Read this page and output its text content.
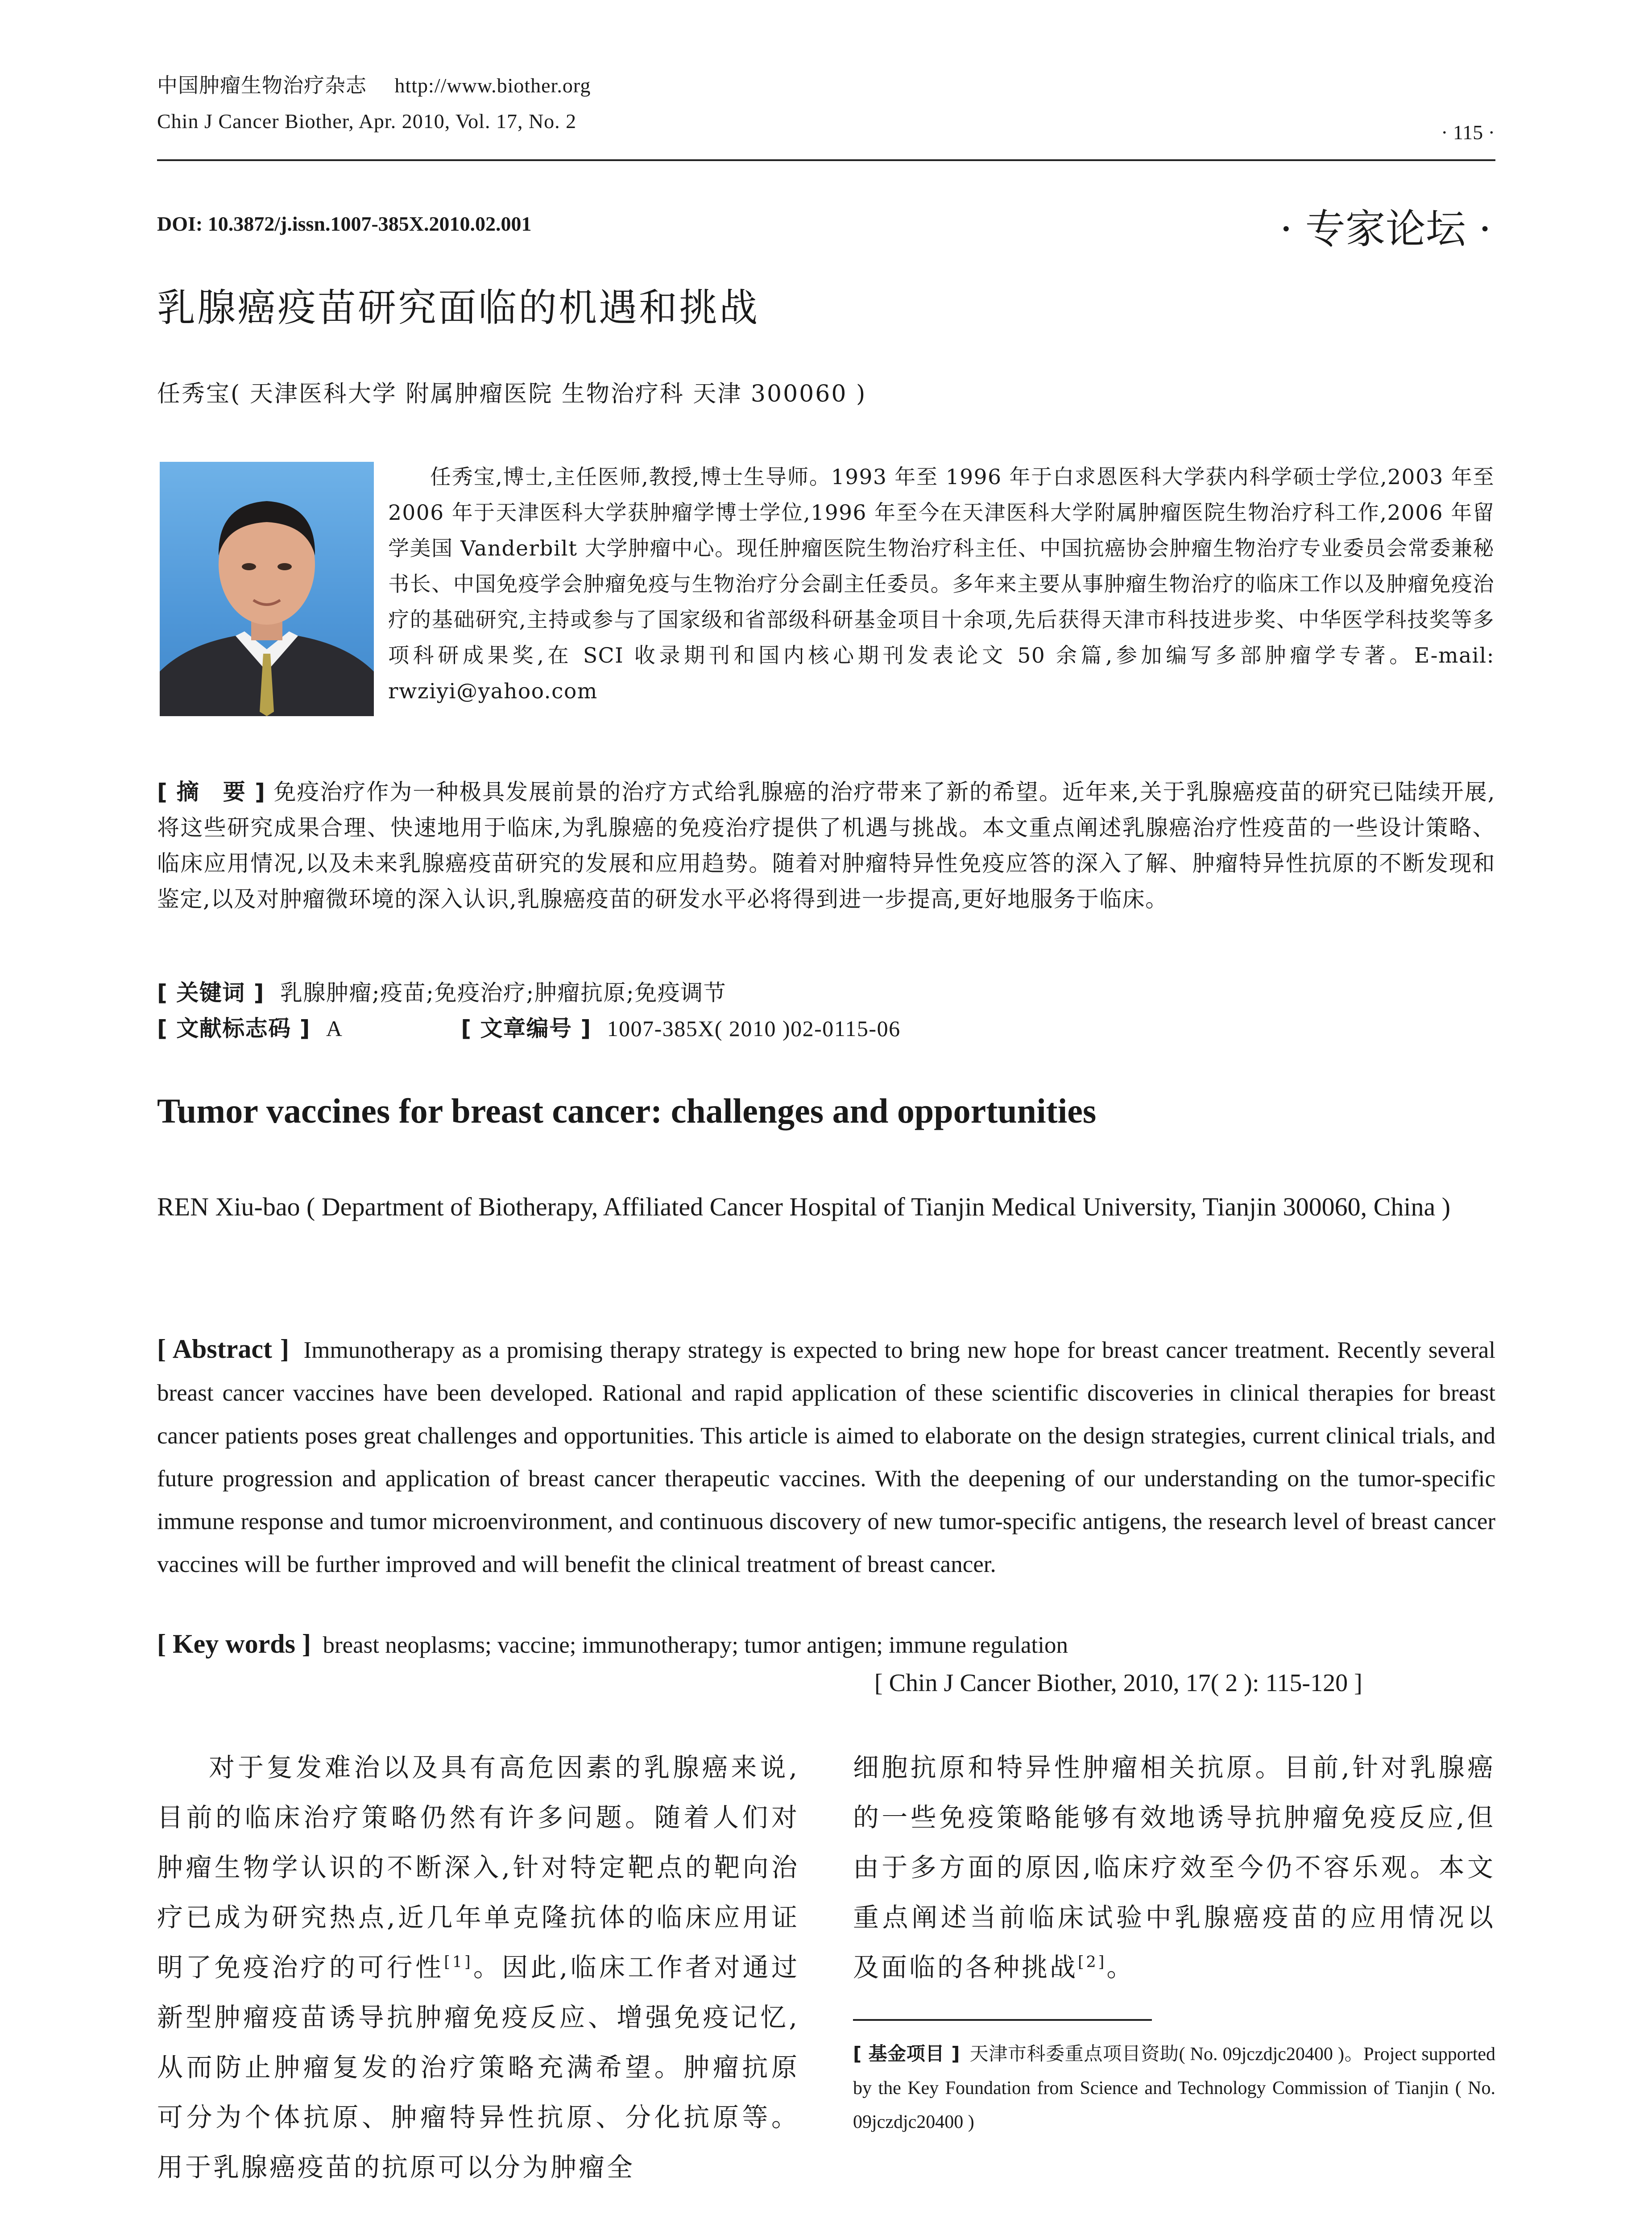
中国肿瘤生物治疗杂志 http://www.biother.org
Chin J Cancer Biother, Apr. 2010, Vol. 17, No. 2	· 115 ·
DOI: 10.3872/j.issn.1007-385X.2010.02.001	· 专家论坛 ·
乳腺癌疫苗研究面临的机遇和挑战
任秀宝( 天津医科大学 附属肿瘤医院 生物治疗科 天津 300060 )
任秀宝,博士,主任医师,教授,博士生导师。1993 年至 1996 年于白求恩医科大学获内科学硕士学位,2003 年至 2006 年于天津医科大学获肿瘤学博士学位,1996 年至今在天津医科大学附属肿瘤医院生物治疗科工作,2006 年留学美国 Vanderbilt 大学肿瘤中心。现任肿瘤医院生物治疗科主任、中国抗癌协会肿瘤生物治疗专业委员会常委兼秘书长、中国免疫学会肿瘤免疫与生物治疗分会副主任委员。多年来主要从事肿瘤生物治疗的临床工作以及肿瘤免疫治疗的基础研究,主持或参与了国家级和省部级科研基金项目十余项,先后获得天津市科技进步奖、中华医学科技奖等多项科研成果奖,在 SCI 收录期刊和国内核心期刊发表论文 50 余篇,参加编写多部肿瘤学专著。E-mail: rwziyi@yahoo.com
[ 摘　要 ] 免疫治疗作为一种极具发展前景的治疗方式给乳腺癌的治疗带来了新的希望。近年来,关于乳腺癌疫苗的研究已陆续开展,将这些研究成果合理、快速地用于临床,为乳腺癌的免疫治疗提供了机遇与挑战。本文重点阐述乳腺癌治疗性疫苗的一些设计策略、临床应用情况,以及未来乳腺癌疫苗研究的发展和应用趋势。随着对肿瘤特异性免疫应答的深入了解、肿瘤特异性抗原的不断发现和鉴定,以及对肿瘤微环境的深入认识,乳腺癌疫苗的研发水平必将得到进一步提高,更好地服务于临床。
[ 关键词 ] 乳腺肿瘤;疫苗;免疫治疗;肿瘤抗原;免疫调节
[ 文献标志码 ] A	[ 文章编号 ] 1007-385X( 2010 )02-0115-06
Tumor vaccines for breast cancer: challenges and opportunities
REN Xiu-bao ( Department of Biotherapy, Affiliated Cancer Hospital of Tianjin Medical University, Tianjin 300060, China )
[ Abstract ] Immunotherapy as a promising therapy strategy is expected to bring new hope for breast cancer treatment. Recently several breast cancer vaccines have been developed. Rational and rapid application of these scientific discoveries in clinical therapies for breast cancer patients poses great challenges and opportunities. This article is aimed to elaborate on the design strategies, current clinical trials, and future progression and application of breast cancer therapeutic vaccines. With the deepening of our understanding on the tumor-specific immune response and tumor microenvironment, and continuous discovery of new tumor-specific antigens, the research level of breast cancer vaccines will be further improved and will benefit the clinical treatment of breast cancer.
[ Key words ] breast neoplasms; vaccine; immunotherapy; tumor antigen; immune regulation
[ Chin J Cancer Biother, 2010, 17( 2 ): 115-120 ]
对于复发难治以及具有高危因素的乳腺癌来说,目前的临床治疗策略仍然有许多问题。随着人们对肿瘤生物学认识的不断深入,针对特定靶点的靶向治疗已成为研究热点,近几年单克隆抗体的临床应用证明了免疫治疗的可行性[1]。因此,临床工作者对通过新型肿瘤疫苗诱导抗肿瘤免疫反应、增强免疫记忆,从而防止肿瘤复发的治疗策略充满希望。肿瘤抗原可分为个体抗原、肿瘤特异性抗原、分化抗原等。用于乳腺癌疫苗的抗原可以分为肿瘤全
细胞抗原和特异性肿瘤相关抗原。目前,针对乳腺癌的一些免疫策略能够有效地诱导抗肿瘤免疫反应,但由于多方面的原因,临床疗效至今仍不容乐观。本文重点阐述当前临床试验中乳腺癌疫苗的应用情况以及面临的各种挑战[2]。
[ 基金项目 ] 天津市科委重点项目资助( No. 09jczdjc20400 )。Project supported by the Key Foundation from Science and Technology Commission of Tianjin ( No. 09jczdjc20400 )
